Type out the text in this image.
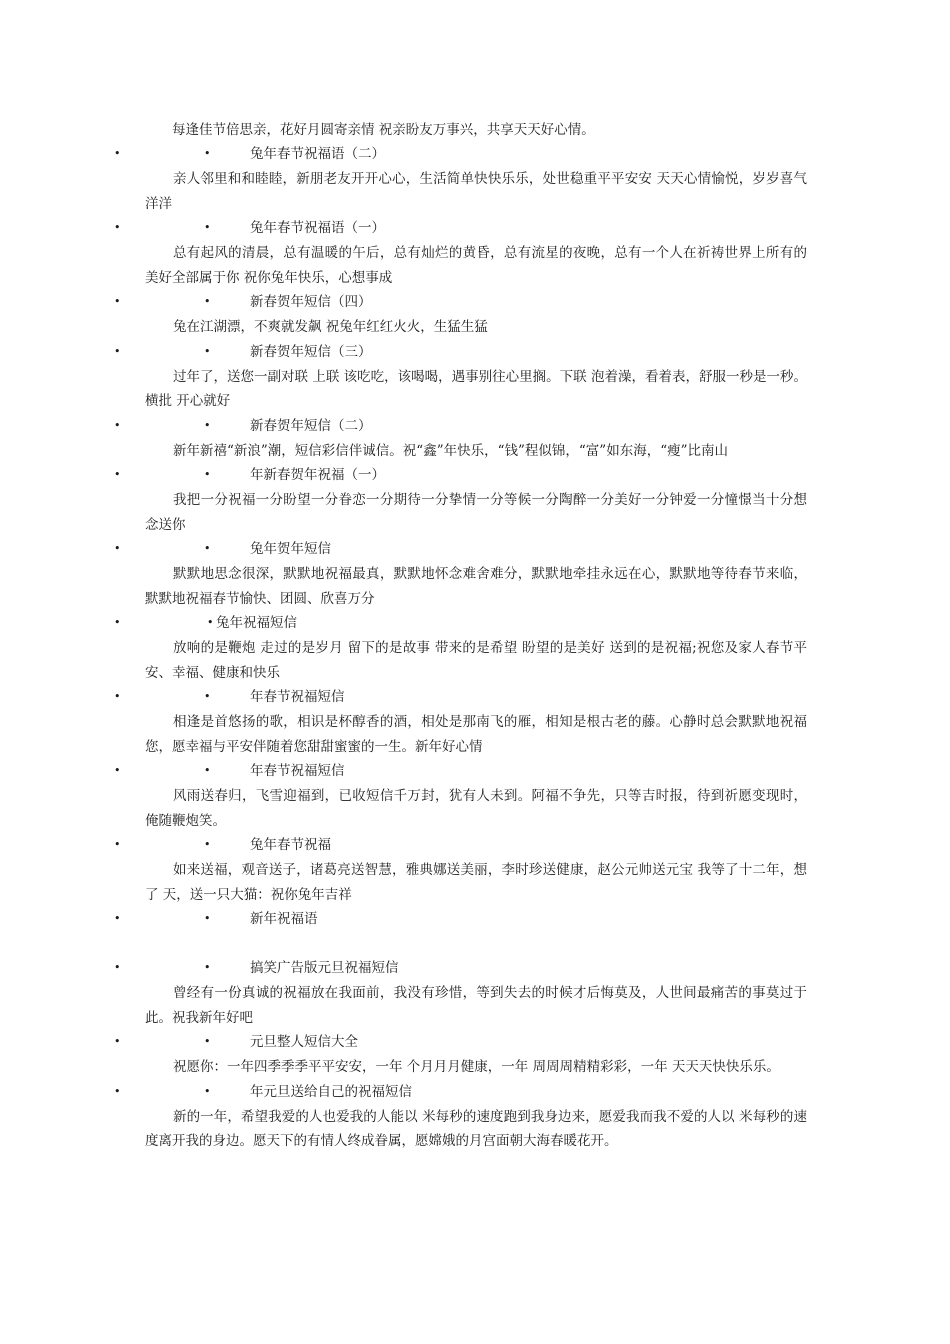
每逢佳节倍思亲，花好月圆寄亲情 祝亲盼友万事兴，共享天天好心情。
•	•	兔年春节祝福语（二）

亲人邻里和和睦睦，新朋老友开开心心，生活简单快快乐乐，处世稳重平平安安 天天心情愉悦，岁岁喜气洋洋

•	•	兔年春节祝福语（一）

总有起风的清晨，总有温暖的午后，总有灿烂的黄昏，总有流星的夜晚，总有一个人在祈祷世界上所有的美好全部属于你 祝你兔年快乐，心想事成

•	•	新春贺年短信（四）

兔在江湖漂，不爽就发飙 祝兔年红红火火，生猛生猛

•	•	新春贺年短信（三）

过年了，送您一副对联 上联 该吃吃，该喝喝，遇事别往心里搁。下联 泡着澡，看着表，舒服一秒是一秒。横批 开心就好

•	•	新春贺年短信（二）

新年新禧“新浪”潮，短信彩信伴诚信。祝“鑫”年快乐，“钱”程似锦，“富”如东海，“瘦”比南山

•	•	年新春贺年祝福（一）

我把一分祝福一分盼望一分眷恋一分期待一分挚情一分等候一分陶醉一分美好一分钟爱一分憧憬当十分想念送你

•	•	兔年贺年短信

默默地思念很深，默默地祝福最真，默默地怀念难舍难分，默默地牵挂永远在心，默默地等待春节来临，默默地祝福春节愉快、团圆、欣喜万分

•	• 兔年祝福短信

放响的是鞭炮 走过的是岁月 留下的是故事 带来的是希望 盼望的是美好 送到的是祝福;祝您及家人春节平安、幸福、健康和快乐

•	•	年春节祝福短信

相逢是首悠扬的歌，相识是杯醇香的酒，相处是那南飞的雁，相知是根古老的藤。心静时总会默默地祝福您，愿幸福与平安伴随着您甜甜蜜蜜的一生。新年好心情

•	•	年春节祝福短信

风雨送春归，飞雪迎福到，已收短信千万封，犹有人未到。阿福不争先，只等吉时报，待到祈愿变现时，俺随鞭炮笑。

•	•	兔年春节祝福

如来送福，观音送子，诸葛亮送智慧，雅典娜送美丽，李时珍送健康，赵公元帅送元宝 我等了十二年，想了 天，送一只大猫：祝你兔年吉祥

•	•	新年祝福语

•	•	搞笑广告版元旦祝福短信

曾经有一份真诚的祝福放在我面前，我没有珍惜，等到失去的时候才后悔莫及，人世间最痛苦的事莫过于此。祝我新年好吧

•	•	元旦整人短信大全

祝愿你：一年四季季季平平安安，一年 个月月月健康，一年 周周周精精彩彩，一年 天天天快快乐乐。

•	•	年元旦送给自己的祝福短信

新的一年，希望我爱的人也爱我的人能以 米每秒的速度跑到我身边来，愿爱我而我不爱的人以 米每秒的速度离开我的身边。愿天下的有情人终成眷属，愿嫦娥的月宫面朝大海春暖花开。
